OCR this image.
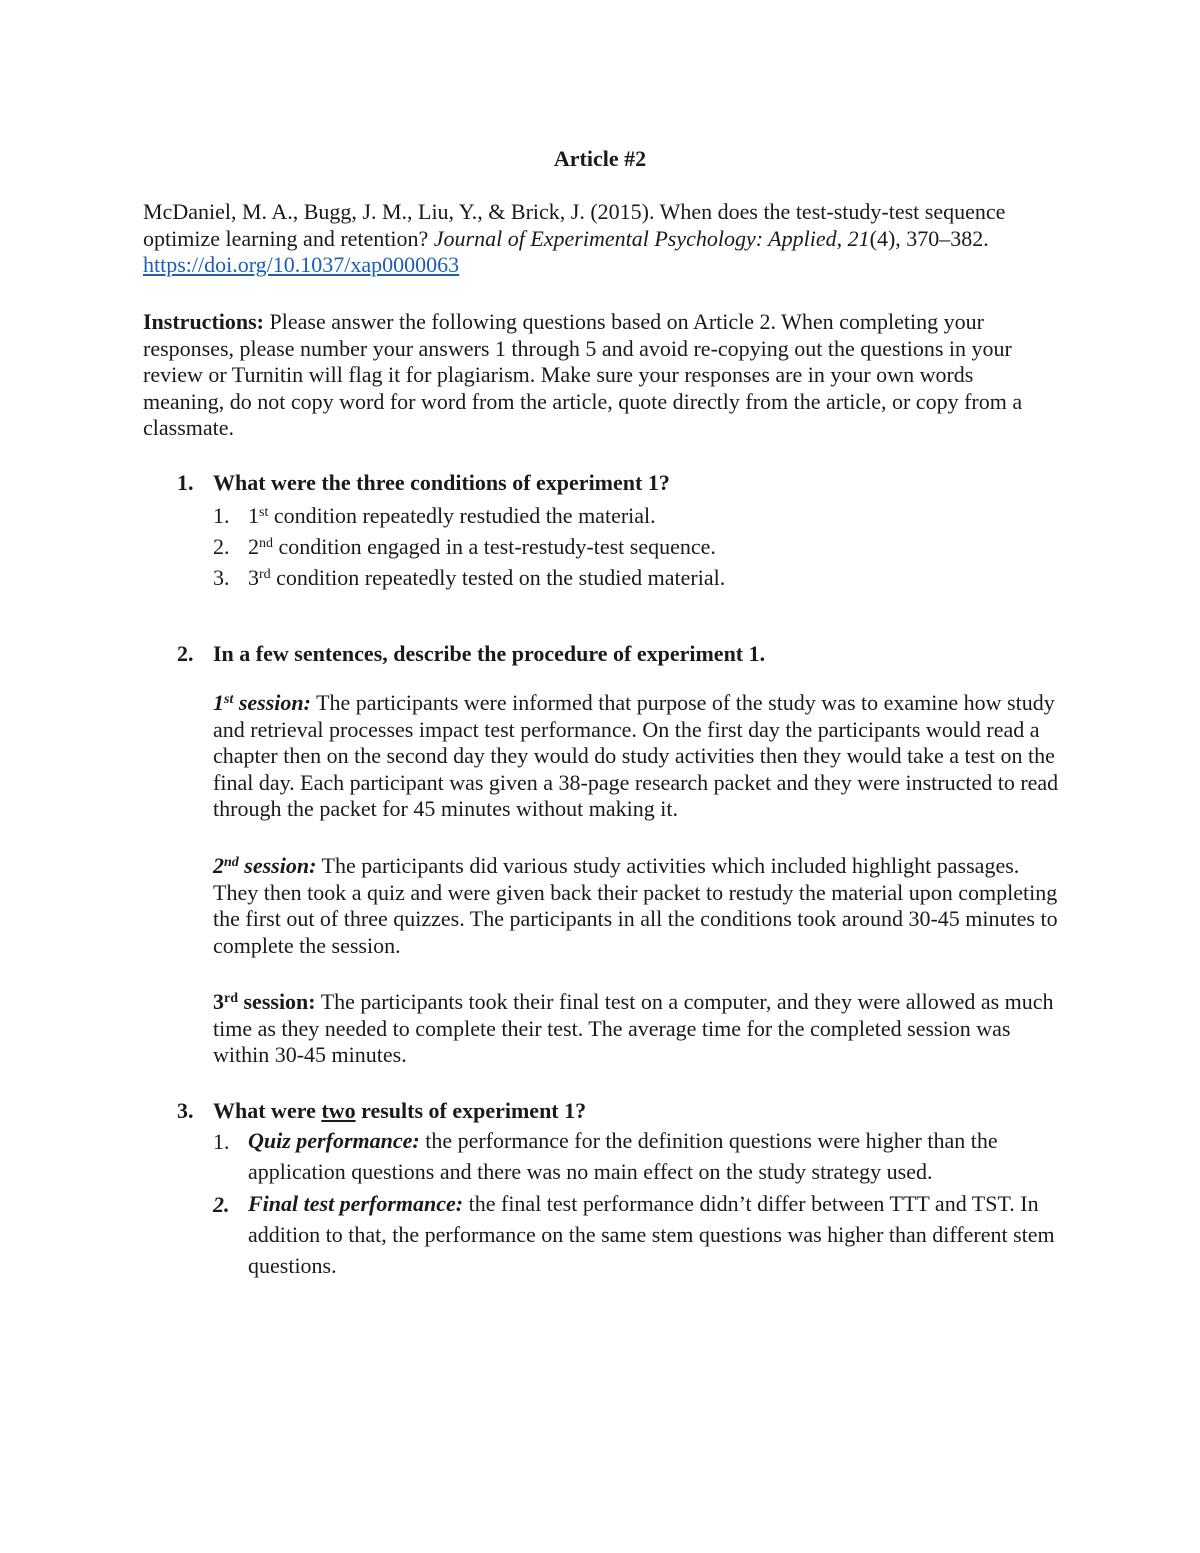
Article #2
McDaniel, M. A., Bugg, J. M., Liu, Y., & Brick, J. (2015). When does the test-study-test sequence optimize learning and retention? Journal of Experimental Psychology: Applied, 21(4), 370–382. https://doi.org/10.1037/xap0000063
Instructions: Please answer the following questions based on Article 2. When completing your responses, please number your answers 1 through 5 and avoid re-copying out the questions in your review or Turnitin will flag it for plagiarism. Make sure your responses are in your own words meaning, do not copy word for word from the article, quote directly from the article, or copy from a classmate.
1. What were the three conditions of experiment 1?
1. 1st condition repeatedly restudied the material.
2. 2nd condition engaged in a test-restudy-test sequence.
3. 3rd condition repeatedly tested on the studied material.
2. In a few sentences, describe the procedure of experiment 1.
1st session: The participants were informed that purpose of the study was to examine how study and retrieval processes impact test performance. On the first day the participants would read a chapter then on the second day they would do study activities then they would take a test on the final day. Each participant was given a 38-page research packet and they were instructed to read through the packet for 45 minutes without making it.
2nd session: The participants did various study activities which included highlight passages. They then took a quiz and were given back their packet to restudy the material upon completing the first out of three quizzes. The participants in all the conditions took around 30-45 minutes to complete the session.
3rd session: The participants took their final test on a computer, and they were allowed as much time as they needed to complete their test. The average time for the completed session was within 30-45 minutes.
3. What were two results of experiment 1?
1. Quiz performance: the performance for the definition questions were higher than the application questions and there was no main effect on the study strategy used.
2. Final test performance: the final test performance didn’t differ between TTT and TST. In addition to that, the performance on the same stem questions was higher than different stem questions.
